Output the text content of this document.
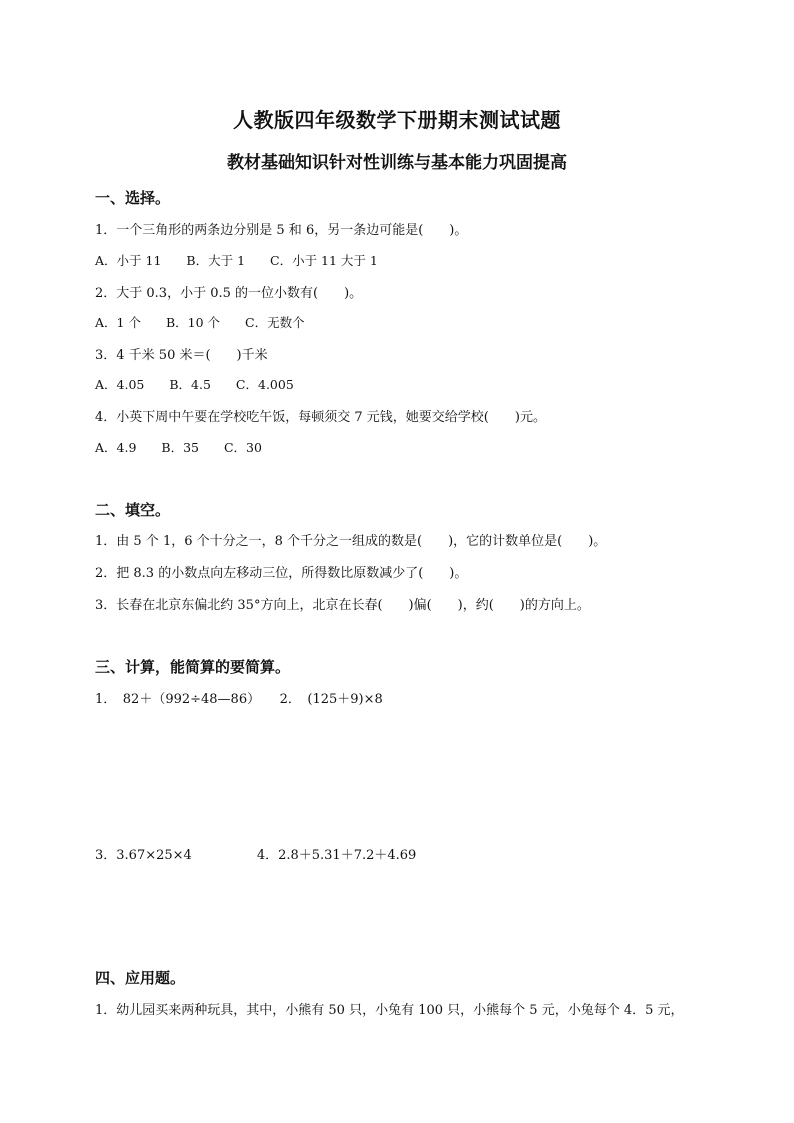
人教版四年级数学下册期末测试试题
教材基础知识针对性训练与基本能力巩固提高
一、选择。
1．一个三角形的两条边分别是 5 和 6，另一条边可能是(　　)。
A．小于 11　　B．大于 1　　C．小于 11 大于 1
2．大于 0.3，小于 0.5 的一位小数有(　　)。
A．1 个　　B．10 个　　C．无数个
3．4 千米 50 米＝(　　)千米
A．4.05　　B．4.5　　C．4.005
4．小英下周中午要在学校吃午饭，每顿须交 7 元钱，她要交给学校(　　)元。
A．4.9　　B．35　　C．30
二、填空。
1．由 5 个 1，6 个十分之一，8 个千分之一组成的数是(　　)，它的计数单位是(　　)。
2．把 8.3 的小数点向左移动三位，所得数比原数减少了(　　)。
3．长春在北京东偏北约 35°方向上，北京在长春(　　)偏(　　)，约(　　)的方向上。
三、计算，能简算的要简算。
1．　82＋（992÷48—86）　　2．　(125＋9)×8
3．3.67×25×4　　　　　4．2.8＋5.31＋7.2＋4.69
四、应用题。
1．幼儿园买来两种玩具，其中，小熊有 50 只，小兔有 100 只，小熊每个 5 元，小兔每个 4．5 元，
